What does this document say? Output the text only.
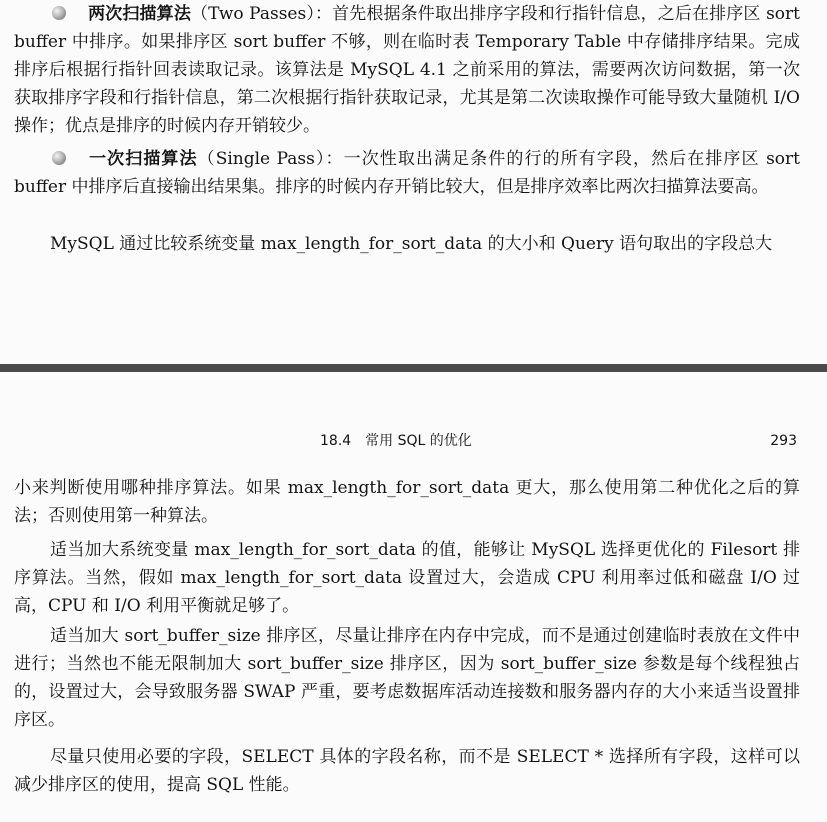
两次扫描算法（Two Passes）：首先根据条件取出排序字段和行指针信息，之后在排序区 sort buffer 中排序。如果排序区 sort buffer 不够，则在临时表 Temporary Table 中存储排序结果。完成排序后根据行指针回表读取记录。该算法是 MySQL 4.1 之前采用的算法，需要两次访问数据，第一次获取排序字段和行指针信息，第二次根据行指针获取记录，尤其是第二次读取操作可能导致大量随机 I/O 操作；优点是排序的时候内存开销较少。

一次扫描算法（Single Pass）：一次性取出满足条件的行的所有字段，然后在排序区 sort buffer 中排序后直接输出结果集。排序的时候内存开销比较大，但是排序效率比两次扫描算法要高。

MySQL 通过比较系统变量 max_length_for_sort_data 的大小和 Query 语句取出的字段总大

18.4　常用 SQL 的优化	293

小来判断使用哪种排序算法。如果 max_length_for_sort_data 更大，那么使用第二种优化之后的算法；否则使用第一种算法。

适当加大系统变量 max_length_for_sort_data 的值，能够让 MySQL 选择更优化的 Filesort 排序算法。当然，假如 max_length_for_sort_data 设置过大，会造成 CPU 利用率过低和磁盘 I/O 过高，CPU 和 I/O 利用平衡就足够了。

适当加大 sort_buffer_size 排序区，尽量让排序在内存中完成，而不是通过创建临时表放在文件中进行；当然也不能无限制加大 sort_buffer_size 排序区，因为 sort_buffer_size 参数是每个线程独占的，设置过大，会导致服务器 SWAP 严重，要考虑数据库活动连接数和服务器内存的大小来适当设置排序区。

尽量只使用必要的字段，SELECT 具体的字段名称，而不是 SELECT * 选择所有字段，这样可以减少排序区的使用，提高 SQL 性能。
